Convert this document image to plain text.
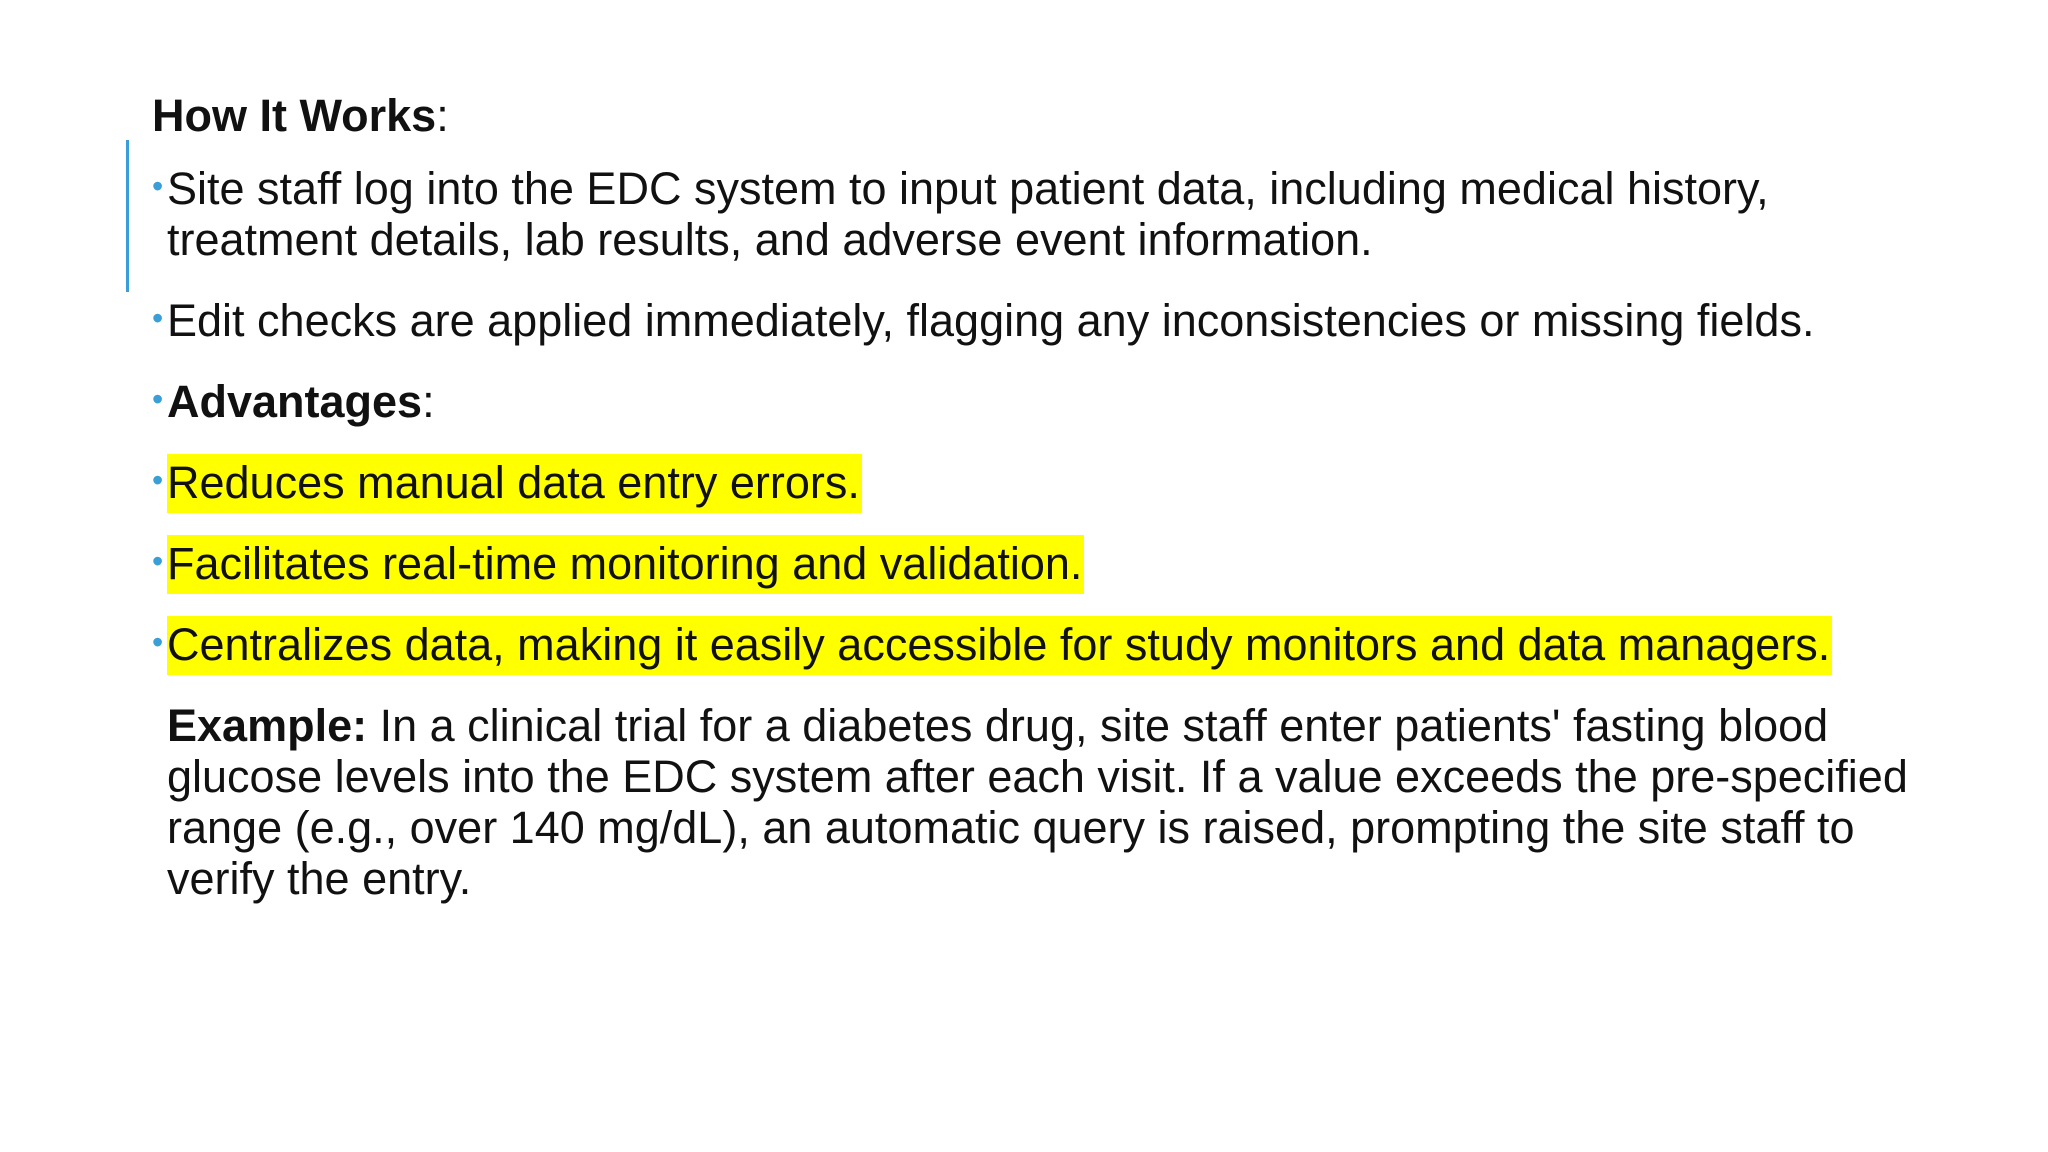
How It Works:
• Site staff log into the EDC system to input patient data, including medical history, treatment details, lab results, and adverse event information.
• Edit checks are applied immediately, flagging any inconsistencies or missing fields.
• Advantages:
• Reduces manual data entry errors.
• Facilitates real-time monitoring and validation.
• Centralizes data, making it easily accessible for study monitors and data managers.
Example: In a clinical trial for a diabetes drug, site staff enter patients' fasting blood glucose levels into the EDC system after each visit. If a value exceeds the pre-specified range (e.g., over 140 mg/dL), an automatic query is raised, prompting the site staff to verify the entry.
